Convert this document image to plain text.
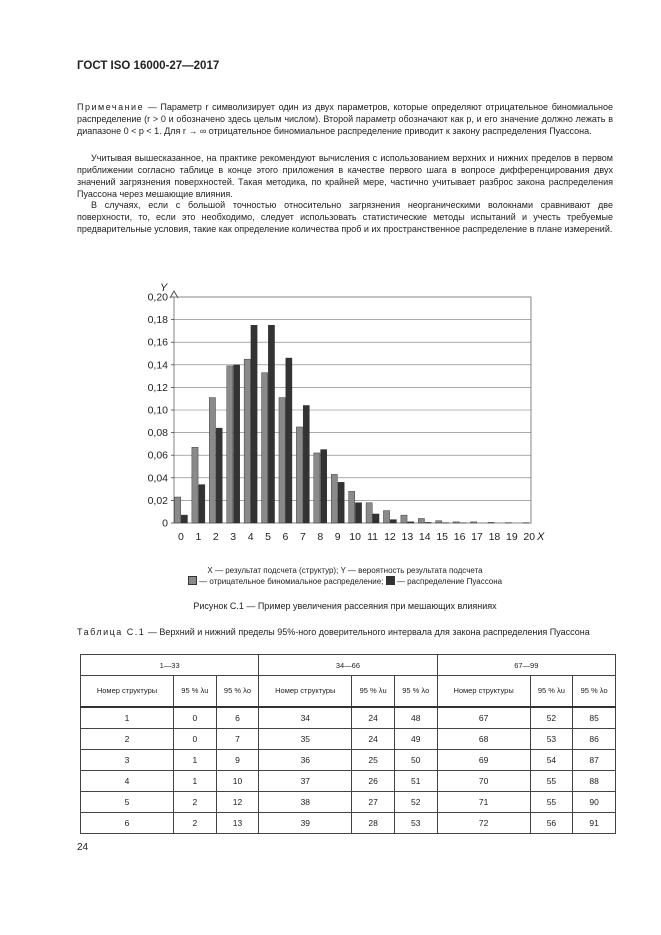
ГОСТ ISO 16000-27—2017
Примечание — Параметр r символизирует один из двух параметров, которые определяют отрицательное биномиальное распределение (r > 0 и обозначено здесь целым числом). Второй параметр обозначают как p, и его значение должно лежать в диапазоне 0 < p < 1. Для r → ∞ отрицательное биномиальное распределение приводит к закону распределения Пуассона.
Учитывая вышесказанное, на практике рекомендуют вычисления с использованием верхних и нижних пределов в первом приближении согласно таблице в конце этого приложения в качестве первого шага в вопросе дифференцирования двух значений загрязнения поверхностей. Такая методика, по крайней мере, частично учитывает разброс закона распределения Пуассона через мешающие влияния.
В случаях, если с большой точностью относительно загрязнения неорганическими волокнами сравнивают две поверхности, то, если это необходимо, следует использовать статистические методы испытаний и учесть требуемые предварительные условия, такие как определение количества проб и их пространственное распределение в плане измерений.
0
0,02
0,04
0,06
0,08
0,10
0,12
0,14
0,16
0,18
0,20
Y
X
0 1 2 3 4 5 6 7 8 9 10 11 12 13 14 15 16 17 18 19 20
X — результат подсчета (структур); Y — вероятность результата подсчета
— отрицательное биномиальное распределение; — распределение Пуассона
Рисунок С.1 — Пример увеличения рассеяния при мешающих влияниях
Таблица С.1 — Верхний и нижний пределы 95%-ного доверительного интервала для закона распределения Пуассона
1—33			34—66			67—99		
Номер структуры	95 % λu	95 % λo	Номер структуры	95 % λu	95 % λo	Номер структуры	95 % λu	95 % λo
1	0	6	34	24	48	67	52	85
2	0	7	35	24	49	68	53	86
3	1	9	36	25	50	69	54	87
4	1	10	37	26	51	70	55	88
5	2	12	38	27	52	71	55	90
6	2	13	39	28	53	72	56	91
24
